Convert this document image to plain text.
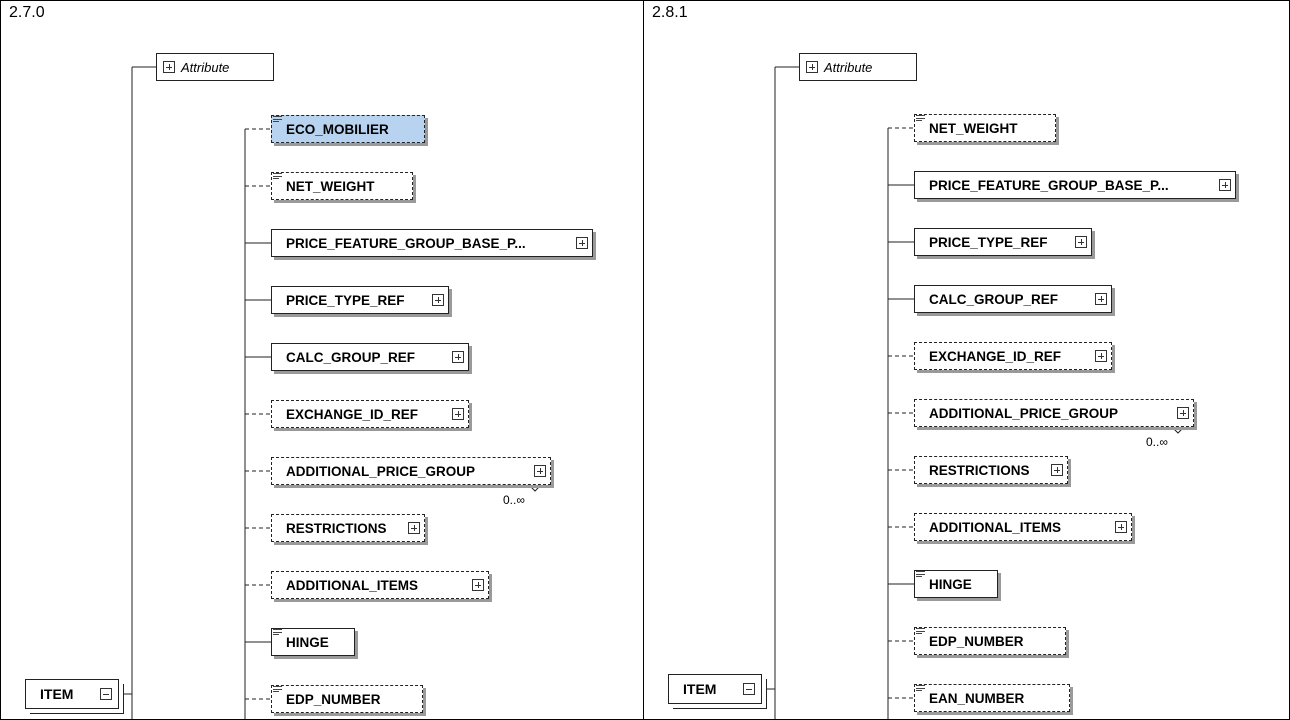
2.7.0
Attribute
ITEM
ECO_MOBILIER
NET_WEIGHT
PRICE_FEATURE_GROUP_BASE_P...
PRICE_TYPE_REF
CALC_GROUP_REF
EXCHANGE_ID_REF
ADDITIONAL_PRICE_GROUP
0..∞
RESTRICTIONS
ADDITIONAL_ITEMS
HINGE
EDP_NUMBER
2.8.1
Attribute
ITEM
NET_WEIGHT
PRICE_FEATURE_GROUP_BASE_P...
PRICE_TYPE_REF
CALC_GROUP_REF
EXCHANGE_ID_REF
ADDITIONAL_PRICE_GROUP
0..∞
RESTRICTIONS
ADDITIONAL_ITEMS
HINGE
EDP_NUMBER
EAN_NUMBER
